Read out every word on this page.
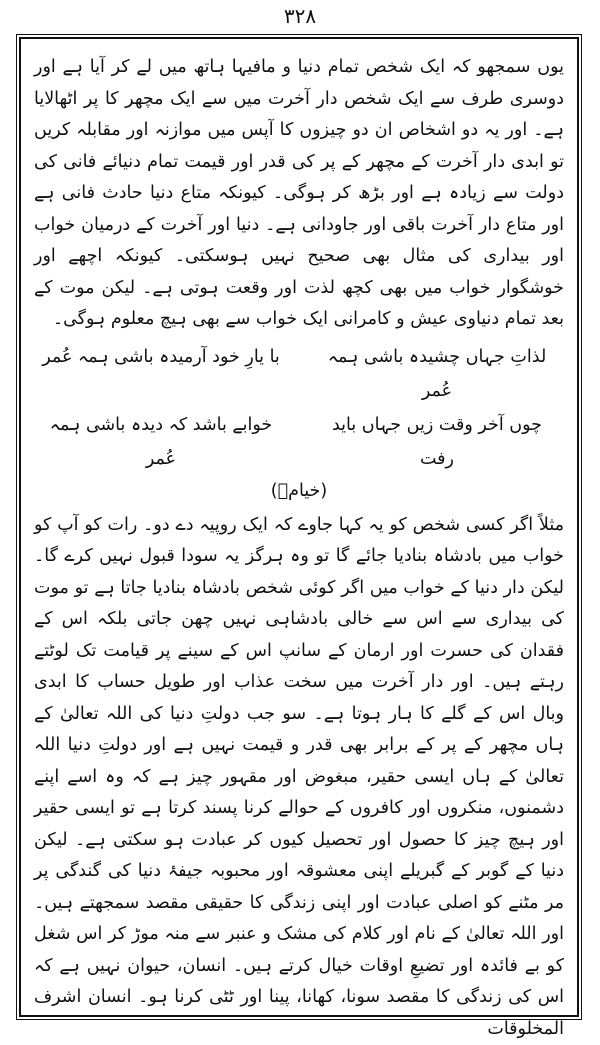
۳۲۸

یوں سمجھو کہ ایک شخص تمام دنیا و مافیہا ہاتھ میں لے کر آیا ہے اور دوسری طرف سے ایک شخص دار آخرت میں سے ایک مچھر کا پر اٹھالایا ہے۔ اور یہ دو اشخاص ان دو چیزوں کا آپس میں موازنہ اور مقابلہ کریں تو ابدی دار آخرت کے مچھر کے پر کی قدر اور قیمت تمام دنیائے فانی کی دولت سے زیادہ ہے اور بڑھ کر ہوگی۔ کیونکہ متاع دنیا حادث فانی ہے اور متاع دار آخرت باقی اور جاودانی ہے۔ دنیا اور آخرت کے درمیان خواب اور بیداری کی مثال بھی صحیح نہیں ہوسکتی۔ کیونکہ اچھے اور خوشگوار خواب میں بھی کچھ لذت اور وقعت ہوتی ہے۔ لیکن موت کے بعد تمام دنیاوی عیش و کامرانی ایک خواب سے بھی ہیچ معلوم ہوگی۔

لذاتِ جہاں چشیدہ باشی ہمہ عُمر
با یارِ خود آرمیدہ باشی ہمہ عُمر
چوں آخر وقت زیں جہاں باید رفت
خوابے باشد کہ دیدہ باشی ہمہ عُمر
(خیامؔ)

مثلاً اگر کسی شخص کو یہ کہا جاوے کہ ایک روپیہ دے دو۔ رات کو آپ کو خواب میں بادشاہ بنادیا جائے گا تو وہ ہرگز یہ سودا قبول نہیں کرے گا۔ لیکن دار دنیا کے خواب میں اگر کوئی شخص بادشاہ بنادیا جاتا ہے تو موت کی بیداری سے اس سے خالی بادشاہی نہیں چھن جاتی بلکہ اس کے فقدان کی حسرت اور ارمان کے سانپ اس کے سینے پر قیامت تک لوٹتے رہتے ہیں۔ اور دار آخرت میں سخت عذاب اور طویل حساب کا ابدی وبال اس کے گلے کا ہار ہوتا ہے۔ سو جب دولتِ دنیا کی اللہ تعالیٰ کے ہاں مچھر کے پر کے برابر بھی قدر و قیمت نہیں ہے اور دولتِ دنیا اللہ تعالیٰ کے ہاں ایسی حقیر، مبغوض اور مقہور چیز ہے کہ وہ اسے اپنے دشمنوں، منکروں اور کافروں کے حوالے کرنا پسند کرتا ہے تو ایسی حقیر اور ہیچ چیز کا حصول اور تحصیل کیوں کر عبادت ہو سکتی ہے۔ لیکن دنیا کے گوبر کے گبریلے اپنی معشوقہ اور محبوبہ جیفۂ دنیا کی گندگی پر مر مٹنے کو اصلی عبادت اور اپنی زندگی کا حقیقی مقصد سمجھتے ہیں۔ اور اللہ تعالیٰ کے نام اور کلام کی مشک و عنبر سے منہ موڑ کر اس شغل کو بے فائدہ اور تضیعِ اوقات خیال کرتے ہیں۔ انسان، حیوان نہیں ہے کہ اس کی زندگی کا مقصد سونا، کھانا، پینا اور ٹٹی کرنا ہو۔ انسان اشرف المخلوقات
